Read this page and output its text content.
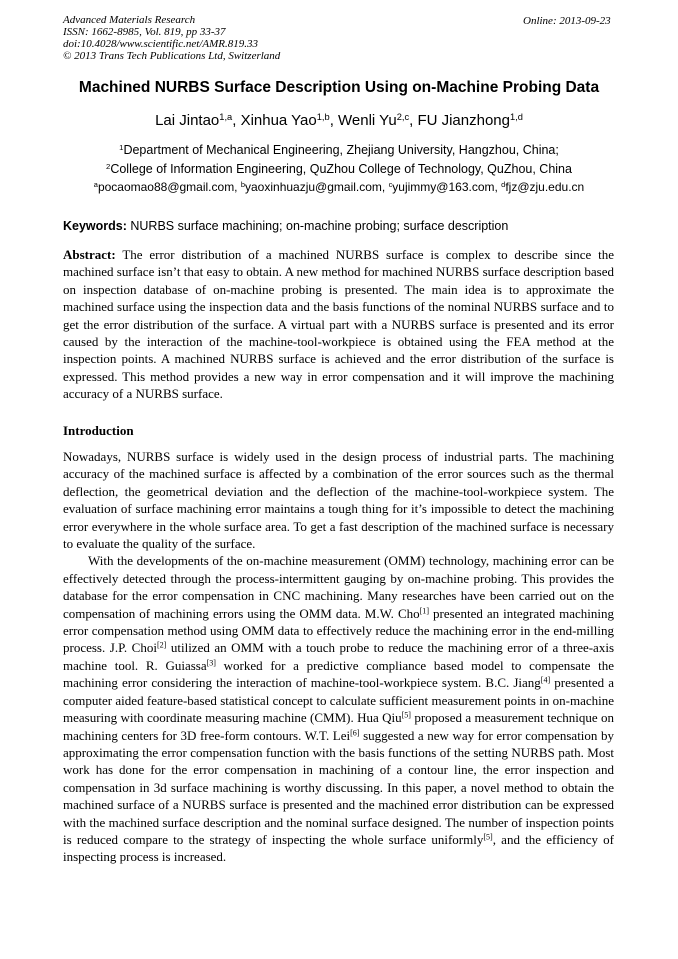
Advanced Materials Research
ISSN: 1662-8985, Vol. 819, pp 33-37
doi:10.4028/www.scientific.net/AMR.819.33
© 2013 Trans Tech Publications Ltd, Switzerland
Online: 2013-09-23
Machined NURBS Surface Description Using on-Machine Probing Data
Lai Jintao$^{1,a}$, Xinhua Yao$^{1,b}$, Wenli Yu$^{2,c}$, FU Jianzhong$^{1,d}$
$^1$Department of Mechanical Engineering, Zhejiang University, Hangzhou, China;
$^2$College of Information Engineering, QuZhou College of Technology, QuZhou, China
$^a$pocaomao88@gmail.com, $^b$yaoxinhuazju@gmail.com, $^c$yujimmy@163.com, $^d$fjz@zju.edu.cn
Keywords: NURBS surface machining; on-machine probing; surface description

Abstract: The error distribution of a machined NURBS surface is complex to describe since the machined surface isn’t that easy to obtain. A new method for machined NURBS surface description based on inspection database of on-machine probing is presented. The main idea is to approximate the machined surface using the inspection data and the basis functions of the nominal NURBS surface and to get the error distribution of the surface. A virtual part with a NURBS surface is presented and its error caused by the interaction of the machine-tool-workpiece is obtained using the FEA method at the inspection points. A machined NURBS surface is achieved and the error distribution of the surface is expressed. This method provides a new way in error compensation and it will improve the machining accuracy of a NURBS surface.

Introduction

Nowadays, NURBS surface is widely used in the design process of industrial parts. The machining accuracy of the machined surface is affected by a combination of the error sources such as the thermal deflection, the geometrical deviation and the deflection of the machine-tool-workpiece system. The evaluation of surface machining error maintains a tough thing for it’s impossible to detect the machining error everywhere in the whole surface area. To get a fast description of the machined surface is necessary to evaluate the quality of the surface.

With the developments of the on-machine measurement (OMM) technology, machining error can be effectively detected through the process-intermittent gauging by on-machine probing. This provides the database for the error compensation in CNC machining. Many researches have been carried out on the compensation of machining errors using the OMM data. M.W. Cho[1] presented an integrated machining error compensation method using OMM data to effectively reduce the machining error in the end-milling process. J.P. Choi[2] utilized an OMM with a touch probe to reduce the machining error of a three-axis machine tool. R. Guiassa[3] worked for a predictive compliance based model to compensate the machining error considering the interaction of machine-tool-workpiece system. B.C. Jiang[4] presented a computer aided feature-based statistical concept to calculate sufficient measurement points in on-machine measuring with coordinate measuring machine (CMM). Hua Qiu[5] proposed a measurement technique on machining centers for 3D free-form contours. W.T. Lei[6] suggested a new way for error compensation by approximating the error compensation function with the basis functions of the setting NURBS path. Most work has done for the error compensation in machining of a contour line, the error inspection and compensation in 3d surface machining is worthy discussing. In this paper, a novel method to obtain the machined surface of a NURBS surface is presented and the machined error distribution can be expressed with the machined surface description and the nominal surface designed. The number of inspection points is reduced compare to the strategy of inspecting the whole surface uniformly[5], and the efficiency of inspecting process is increased.
